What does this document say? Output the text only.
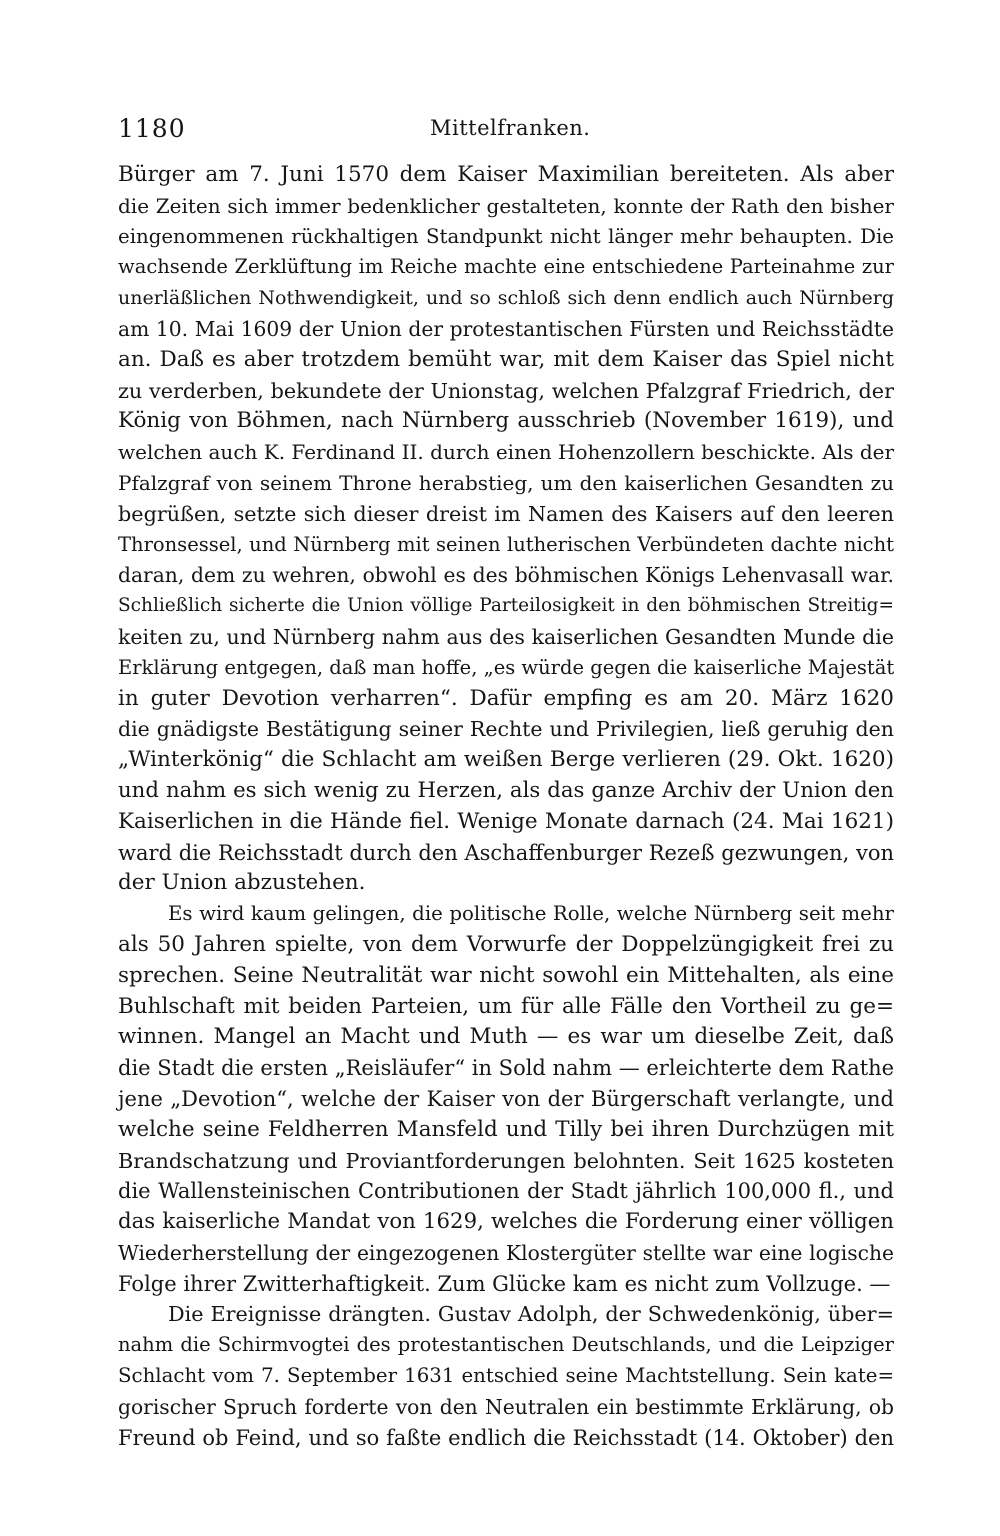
1180	Mittelfranken.
Bürger am 7. Juni 1570 dem Kaiser Maximilian bereiteten. Als aber
die Zeiten sich immer bedenklicher gestalteten, konnte der Rath den bisher
eingenommenen rückhaltigen Standpunkt nicht länger mehr behaupten. Die
wachsende Zerklüftung im Reiche machte eine entschiedene Parteinahme zur
unerläßlichen Nothwendigkeit, und so schloß sich denn endlich auch Nürnberg
am 10. Mai 1609 der Union der protestantischen Fürsten und Reichsstädte
an. Daß es aber trotzdem bemüht war, mit dem Kaiser das Spiel nicht
zu verderben, bekundete der Unionstag, welchen Pfalzgraf Friedrich, der
König von Böhmen, nach Nürnberg ausschrieb (November 1619), und
welchen auch K. Ferdinand II. durch einen Hohenzollern beschickte. Als der
Pfalzgraf von seinem Throne herabstieg, um den kaiserlichen Gesandten zu
begrüßen, setzte sich dieser dreist im Namen des Kaisers auf den leeren
Thronsessel, und Nürnberg mit seinen lutherischen Verbündeten dachte nicht
daran, dem zu wehren, obwohl es des böhmischen Königs Lehenvasall war.
Schließlich sicherte die Union völlige Parteilosigkeit in den böhmischen Streitig=
keiten zu, und Nürnberg nahm aus des kaiserlichen Gesandten Munde die
Erklärung entgegen, daß man hoffe, „es würde gegen die kaiserliche Majestät
in guter Devotion verharren“. Dafür empfing es am 20. März 1620
die gnädigste Bestätigung seiner Rechte und Privilegien, ließ geruhig den
„Winterkönig“ die Schlacht am weißen Berge verlieren (29. Okt. 1620)
und nahm es sich wenig zu Herzen, als das ganze Archiv der Union den
Kaiserlichen in die Hände fiel. Wenige Monate darnach (24. Mai 1621)
ward die Reichsstadt durch den Aschaffenburger Rezeß gezwungen, von
der Union abzustehen.
Es wird kaum gelingen, die politische Rolle, welche Nürnberg seit mehr
als 50 Jahren spielte, von dem Vorwurfe der Doppelzüngigkeit frei zu
sprechen. Seine Neutralität war nicht sowohl ein Mittehalten, als eine
Buhlschaft mit beiden Parteien, um für alle Fälle den Vortheil zu ge=
winnen. Mangel an Macht und Muth — es war um dieselbe Zeit, daß
die Stadt die ersten „Reisläufer“ in Sold nahm — erleichterte dem Rathe
jene „Devotion“, welche der Kaiser von der Bürgerschaft verlangte, und
welche seine Feldherren Mansfeld und Tilly bei ihren Durchzügen mit
Brandschatzung und Proviantforderungen belohnten. Seit 1625 kosteten
die Wallensteinischen Contributionen der Stadt jährlich 100,000 fl., und
das kaiserliche Mandat von 1629, welches die Forderung einer völligen
Wiederherstellung der eingezogenen Klostergüter stellte war eine logische
Folge ihrer Zwitterhaftigkeit. Zum Glücke kam es nicht zum Vollzuge. —
Die Ereignisse drängten. Gustav Adolph, der Schwedenkönig, über=
nahm die Schirmvogtei des protestantischen Deutschlands, und die Leipziger
Schlacht vom 7. September 1631 entschied seine Machtstellung. Sein kate=
gorischer Spruch forderte von den Neutralen ein bestimmte Erklärung, ob
Freund ob Feind, und so faßte endlich die Reichsstadt (14. Oktober) den
